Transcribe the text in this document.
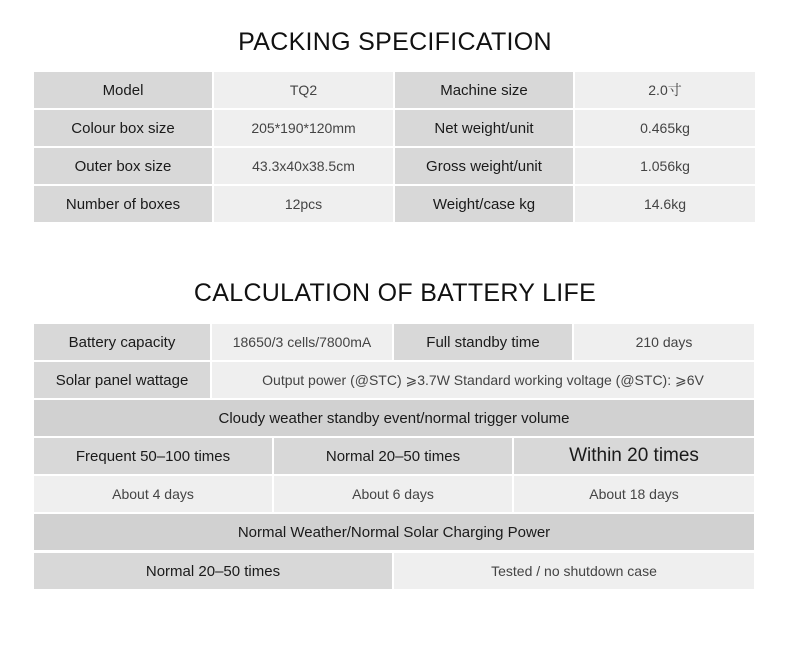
PACKING SPECIFICATION
Model	TQ2	Machine size	2.0寸
Colour box size	205*190*120mm	Net weight/unit	0.465kg
Outer box size	43.3x40x38.5cm	Gross weight/unit	1.056kg
Number of boxes	12pcs	Weight/case kg	14.6kg
CALCULATION OF BATTERY LIFE
Battery capacity	18650/3 cells/7800mA	Full standby time	210 days
Solar panel wattage	Output power (@STC) ⩾3.7W Standard working voltage (@STC): ⩾6V
Cloudy weather standby event/normal trigger volume
Frequent 50–100 times	Normal 20–50 times	Within 20 times
About 4 days	About 6 days	About 18 days
Normal Weather/Normal Solar Charging Power
Normal 20–50 times	Tested / no shutdown case
